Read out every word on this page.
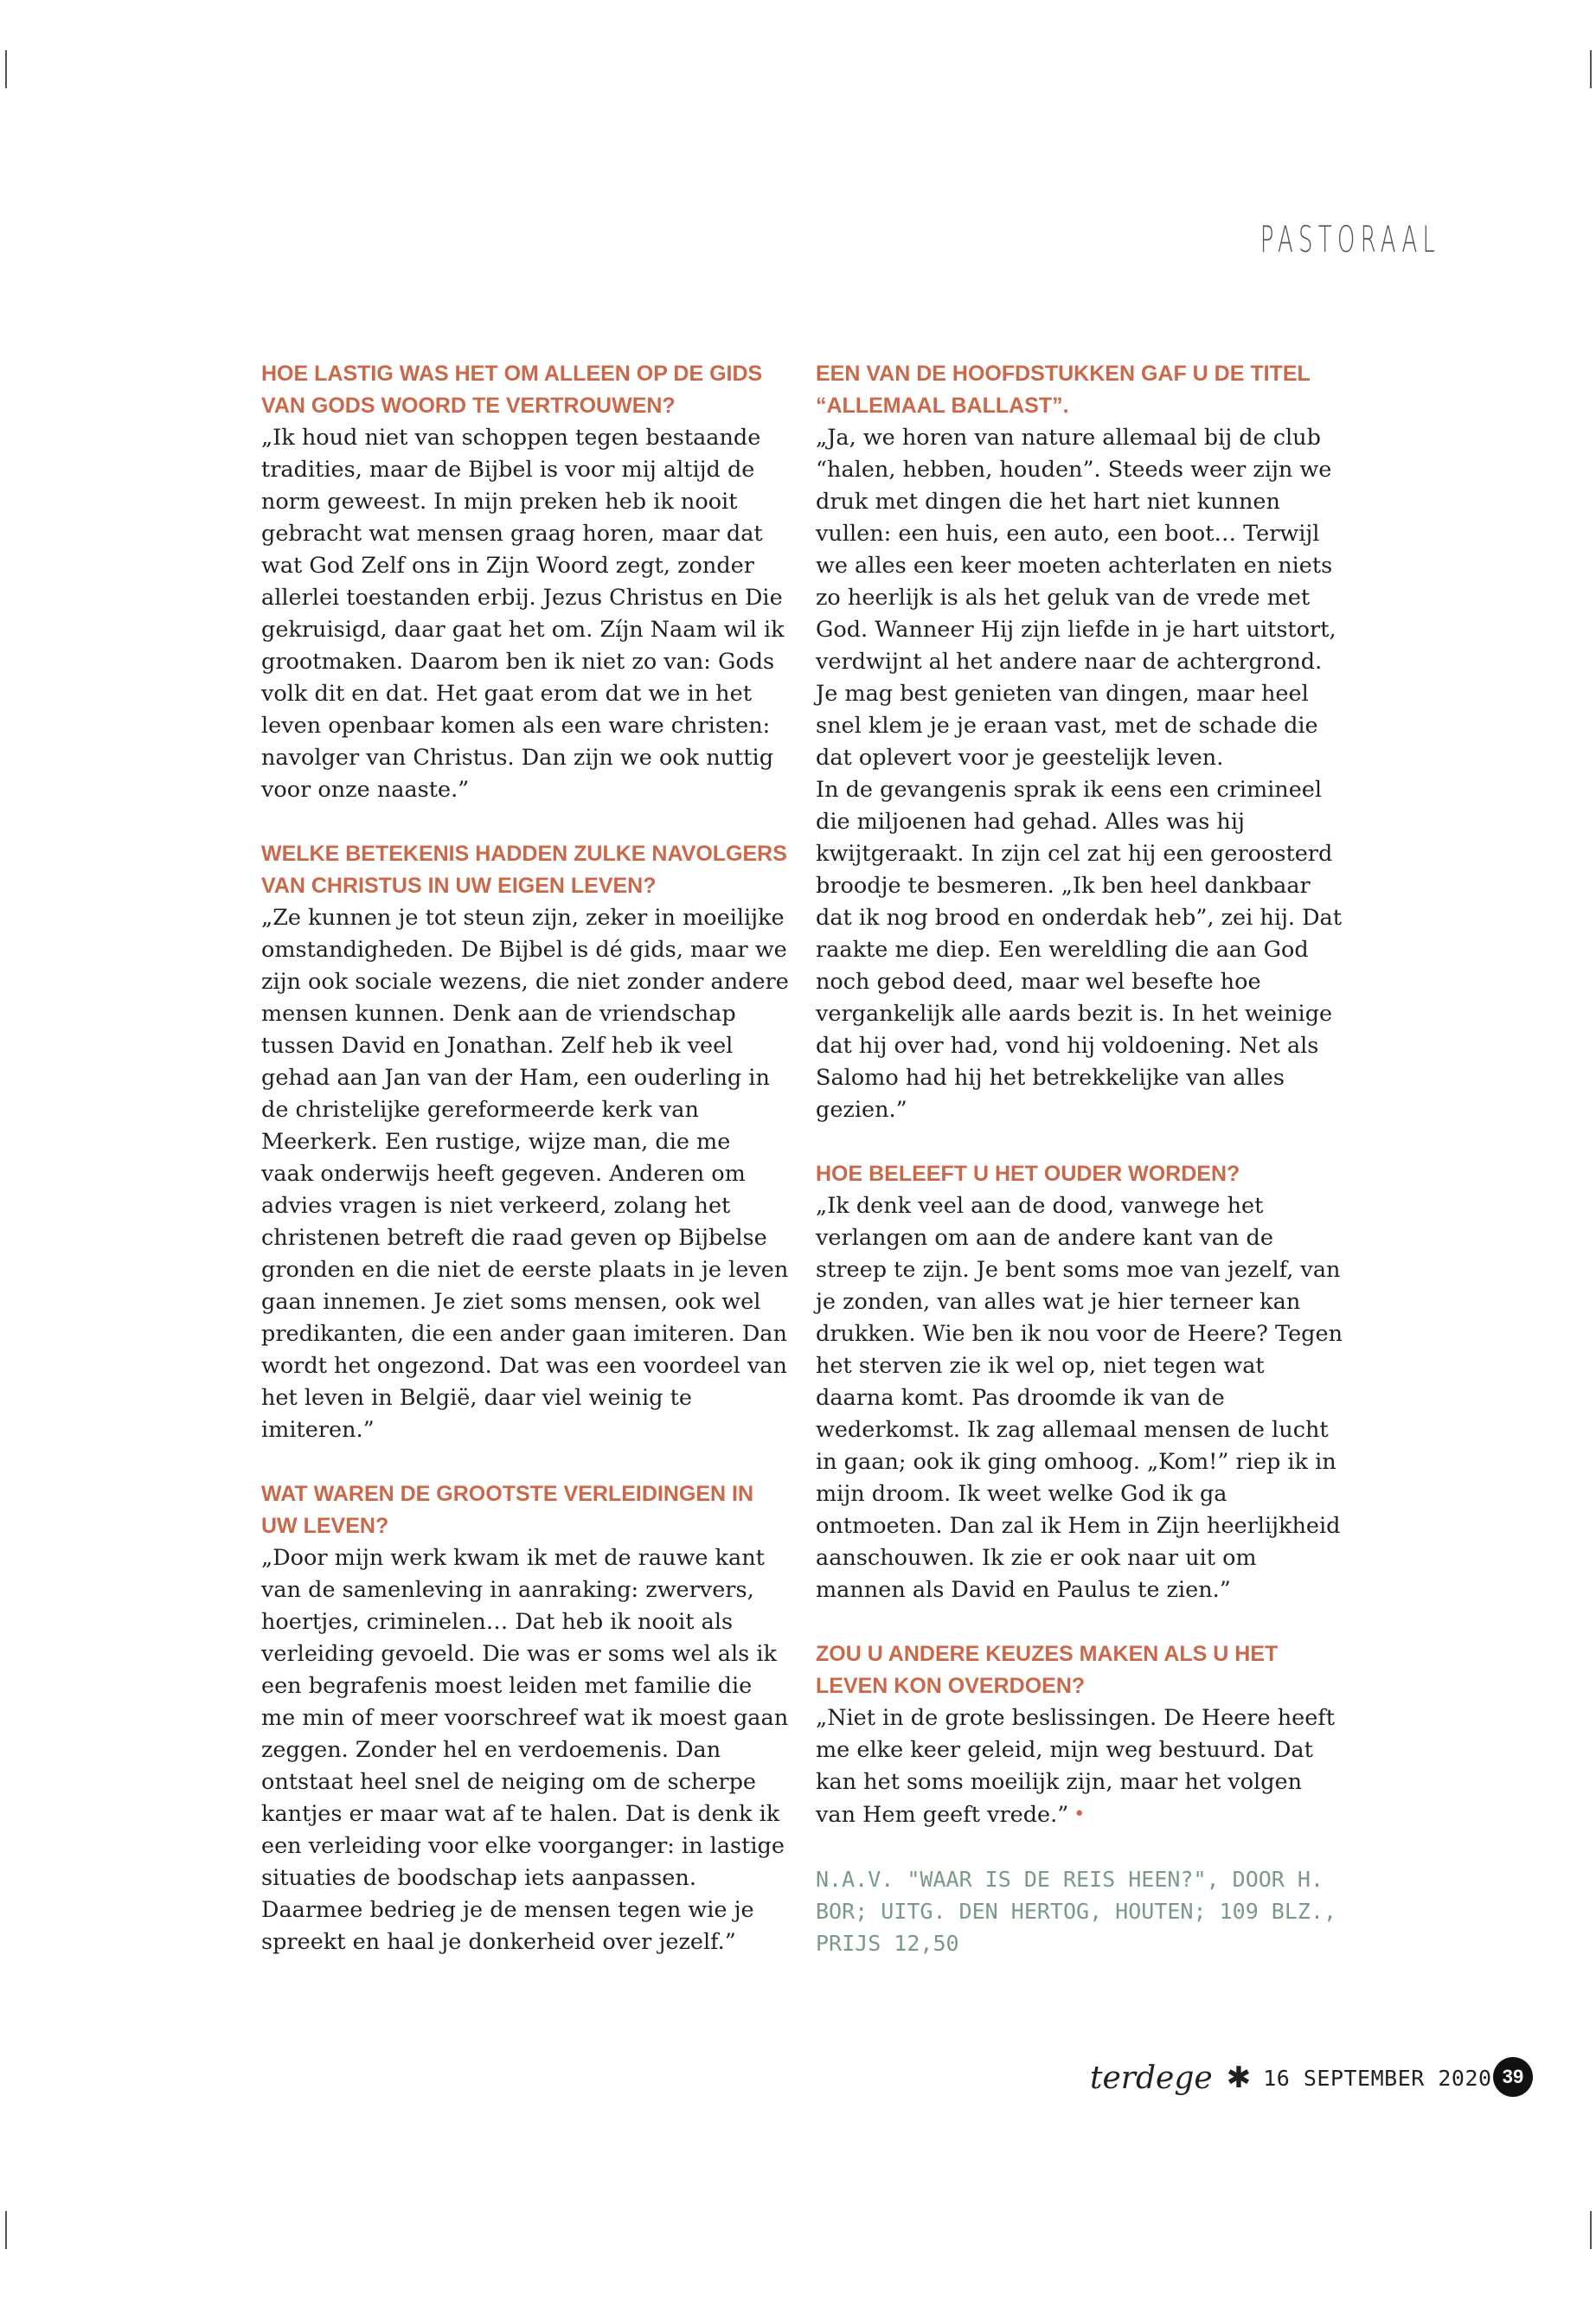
PASTORAAL

HOE LASTIG WAS HET OM ALLEEN OP DE GIDS VAN GODS WOORD TE VERTROUWEN?

„Ik houd niet van schoppen tegen bestaande tradities, maar de Bijbel is voor mij altijd de norm geweest. In mijn preken heb ik nooit gebracht wat mensen graag horen, maar dat wat God Zelf ons in Zijn Woord zegt, zonder allerlei toestanden erbij. Jezus Christus en Die gekruisigd, daar gaat het om. Zíjn Naam wil ik grootmaken. Daarom ben ik niet zo van: Gods volk dit en dat. Het gaat erom dat we in het leven openbaar komen als een ware christen: navolger van Christus. Dan zijn we ook nuttig voor onze naaste.”

WELKE BETEKENIS HADDEN ZULKE NAVOLGERS VAN CHRISTUS IN UW EIGEN LEVEN?

„Ze kunnen je tot steun zijn, zeker in moeilijke omstandigheden. De Bijbel is dé gids, maar we zijn ook sociale wezens, die niet zonder andere mensen kunnen. Denk aan de vriendschap tussen David en Jonathan. Zelf heb ik veel gehad aan Jan van der Ham, een ouderling in de christelijke gereformeerde kerk van Meerkerk. Een rustige, wijze man, die me vaak onderwijs heeft gegeven. Anderen om advies vragen is niet verkeerd, zolang het christenen betreft die raad geven op Bijbelse gronden en die niet de eerste plaats in je leven gaan innemen. Je ziet soms mensen, ook wel predikanten, die een ander gaan imiteren. Dan wordt het ongezond. Dat was een voordeel van het leven in België, daar viel weinig te imiteren.”

WAT WAREN DE GROOTSTE VERLEIDINGEN IN UW LEVEN?

„Door mijn werk kwam ik met de rauwe kant van de samenleving in aanraking: zwervers, hoertjes, criminelen… Dat heb ik nooit als verleiding gevoeld. Die was er soms wel als ik een begrafenis moest leiden met familie die me min of meer voorschreef wat ik moest gaan zeggen. Zonder hel en verdoemenis. Dan ontstaat heel snel de neiging om de scherpe kantjes er maar wat af te halen. Dat is denk ik een verleiding voor elke voorganger: in lastige situaties de boodschap iets aanpassen. Daarmee bedrieg je de mensen tegen wie je spreekt en haal je donkerheid over jezelf.”

EEN VAN DE HOOFDSTUKKEN GAF U DE TITEL “ALLEMAAL BALLAST”.

„Ja, we horen van nature allemaal bij de club “halen, hebben, houden”. Steeds weer zijn we druk met dingen die het hart niet kunnen vullen: een huis, een auto, een boot… Terwijl we alles een keer moeten achterlaten en niets zo heerlijk is als het geluk van de vrede met God. Wanneer Hij zijn liefde in je hart uitstort, verdwijnt al het andere naar de achtergrond. Je mag best genieten van dingen, maar heel snel klem je je eraan vast, met de schade die dat oplevert voor je geestelijk leven.

In de gevangenis sprak ik eens een crimineel die miljoenen had gehad. Alles was hij kwijtgeraakt. In zijn cel zat hij een geroosterd broodje te besmeren. „Ik ben heel dankbaar dat ik nog brood en onderdak heb”, zei hij. Dat raakte me diep. Een wereldling die aan God noch gebod deed, maar wel besefte hoe vergankelijk alle aards bezit is. In het weinige dat hij over had, vond hij voldoening. Net als Salomo had hij het betrekkelijke van alles gezien.”

HOE BELEEFT U HET OUDER WORDEN?

„Ik denk veel aan de dood, vanwege het verlangen om aan de andere kant van de streep te zijn. Je bent soms moe van jezelf, van je zonden, van alles wat je hier terneer kan drukken. Wie ben ik nou voor de Heere? Tegen het sterven zie ik wel op, niet tegen wat daarna komt. Pas droomde ik van de wederkomst. Ik zag allemaal mensen de lucht in gaan; ook ik ging omhoog. „Kom!” riep ik in mijn droom. Ik weet welke God ik ga ontmoeten. Dan zal ik Hem in Zijn heerlijkheid aanschouwen. Ik zie er ook naar uit om mannen als David en Paulus te zien.”

ZOU U ANDERE KEUZES MAKEN ALS U HET LEVEN KON OVERDOEN?

„Niet in de grote beslissingen. De Heere heeft me elke keer geleid, mijn weg bestuurd. Dat kan het soms moeilijk zijn, maar het volgen van Hem geeft vrede.” •

N.A.V. "WAAR IS DE REIS HEEN?", DOOR H. BOR; UITG. DEN HERTOG, HOUTEN; 109 BLZ., PRIJS 12,50

terdege ✱ 16 SEPTEMBER 2020 39
